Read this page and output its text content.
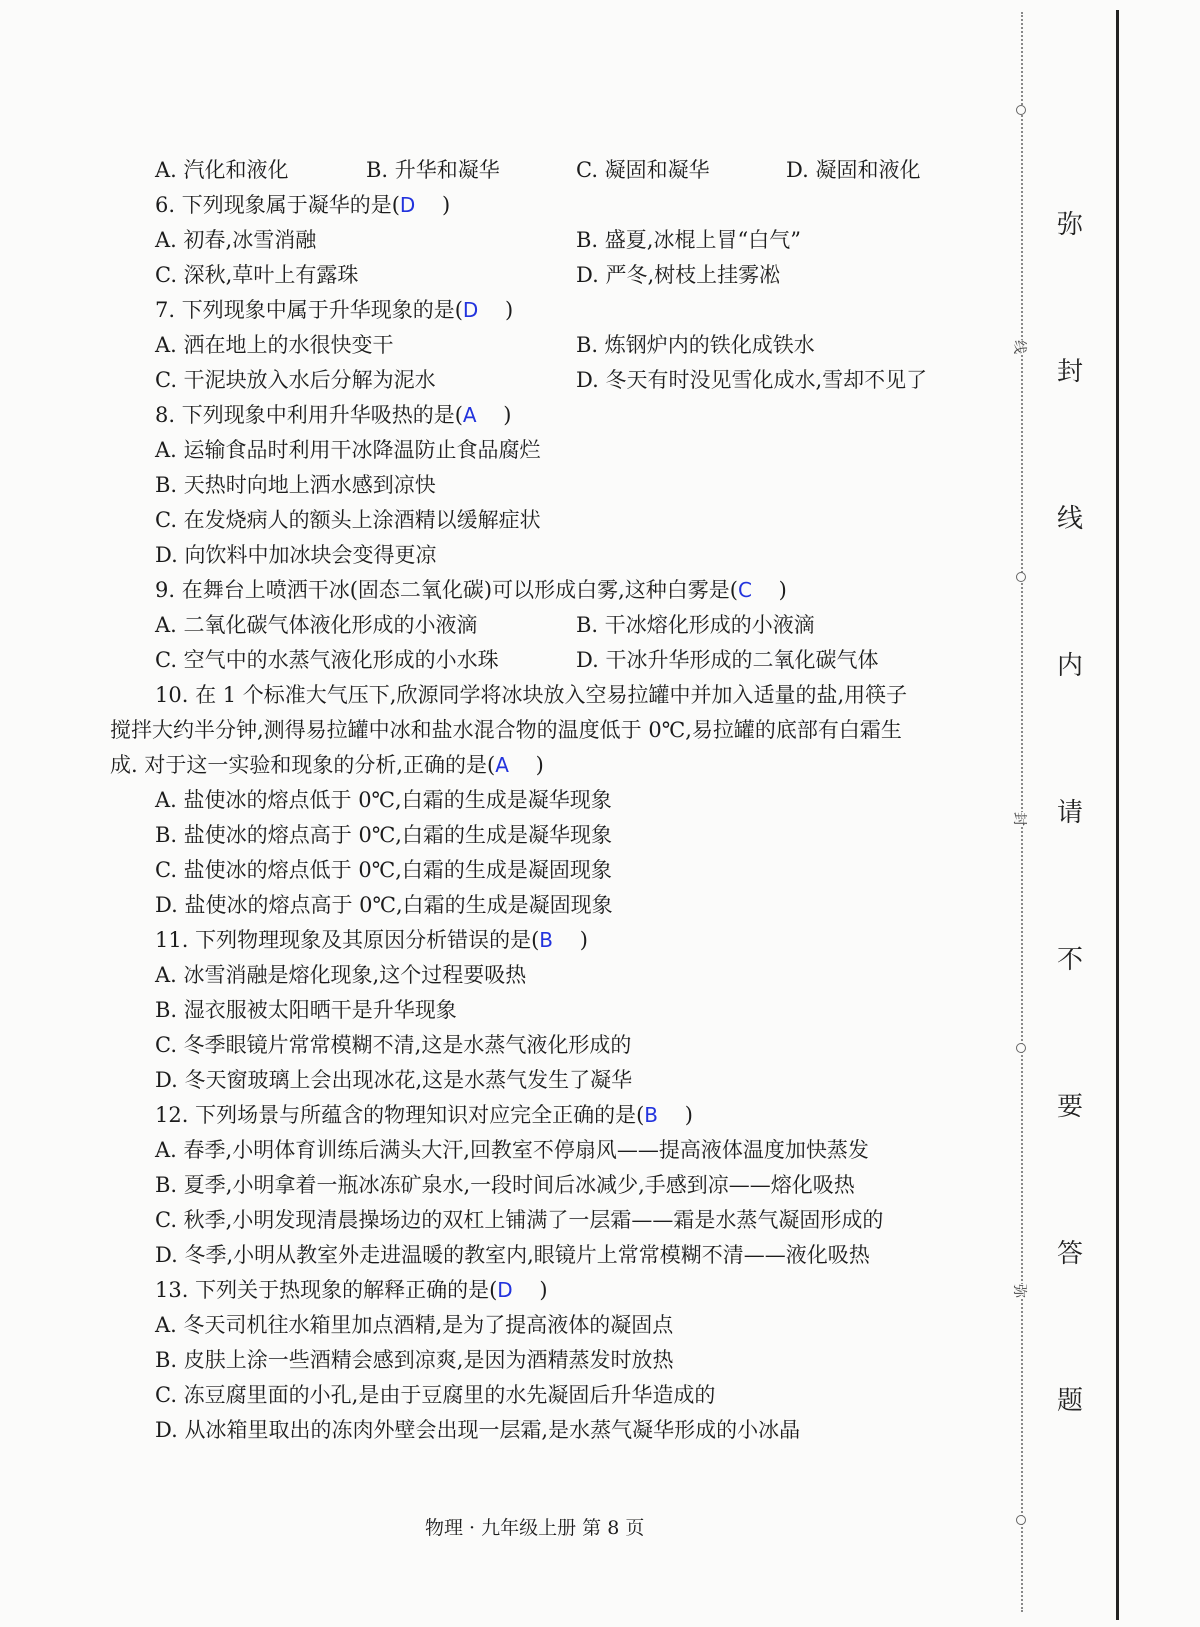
A. 汽化和液化	B. 升华和凝华	C. 凝固和凝华	D. 凝固和液化
6. 下列现象属于凝华的是(D    )
A. 初春,冰雪消融	B. 盛夏,冰棍上冒“白气”
C. 深秋,草叶上有露珠	D. 严冬,树枝上挂雾凇
7. 下列现象中属于升华现象的是(D    )
A. 洒在地上的水很快变干	B. 炼钢炉内的铁化成铁水
C. 干泥块放入水后分解为泥水	D. 冬天有时没见雪化成水,雪却不见了
8. 下列现象中利用升华吸热的是(A    )
A. 运输食品时利用干冰降温防止食品腐烂
B. 天热时向地上洒水感到凉快
C. 在发烧病人的额头上涂酒精以缓解症状
D. 向饮料中加冰块会变得更凉
9. 在舞台上喷洒干冰(固态二氧化碳)可以形成白雾,这种白雾是(C    )
A. 二氧化碳气体液化形成的小液滴	B. 干冰熔化形成的小液滴
C. 空气中的水蒸气液化形成的小水珠	D. 干冰升华形成的二氧化碳气体
10. 在 1 个标准大气压下,欣源同学将冰块放入空易拉罐中并加入适量的盐,用筷子
搅拌大约半分钟,测得易拉罐中冰和盐水混合物的温度低于 0℃,易拉罐的底部有白霜生
成. 对于这一实验和现象的分析,正确的是(A    )
A. 盐使冰的熔点低于 0℃,白霜的生成是凝华现象
B. 盐使冰的熔点高于 0℃,白霜的生成是凝华现象
C. 盐使冰的熔点低于 0℃,白霜的生成是凝固现象
D. 盐使冰的熔点高于 0℃,白霜的生成是凝固现象
11. 下列物理现象及其原因分析错误的是(B    )
A. 冰雪消融是熔化现象,这个过程要吸热
B. 湿衣服被太阳晒干是升华现象
C. 冬季眼镜片常常模糊不清,这是水蒸气液化形成的
D. 冬天窗玻璃上会出现冰花,这是水蒸气发生了凝华
12. 下列场景与所蕴含的物理知识对应完全正确的是(B    )
A. 春季,小明体育训练后满头大汗,回教室不停扇风——提高液体温度加快蒸发
B. 夏季,小明拿着一瓶冰冻矿泉水,一段时间后冰减少,手感到凉——熔化吸热
C. 秋季,小明发现清晨操场边的双杠上铺满了一层霜——霜是水蒸气凝固形成的
D. 冬季,小明从教室外走进温暖的教室内,眼镜片上常常模糊不清——液化吸热
13. 下列关于热现象的解释正确的是(D    )
A. 冬天司机往水箱里加点酒精,是为了提高液体的凝固点
B. 皮肤上涂一些酒精会感到凉爽,是因为酒精蒸发时放热
C. 冻豆腐里面的小孔,是由于豆腐里的水先凝固后升华造成的
D. 从冰箱里取出的冻肉外壁会出现一层霜,是水蒸气凝华形成的小冰晶
物理 · 九年级上册 第 8 页
线
封
弥
弥
封
线
内
请
不
要
答
题
